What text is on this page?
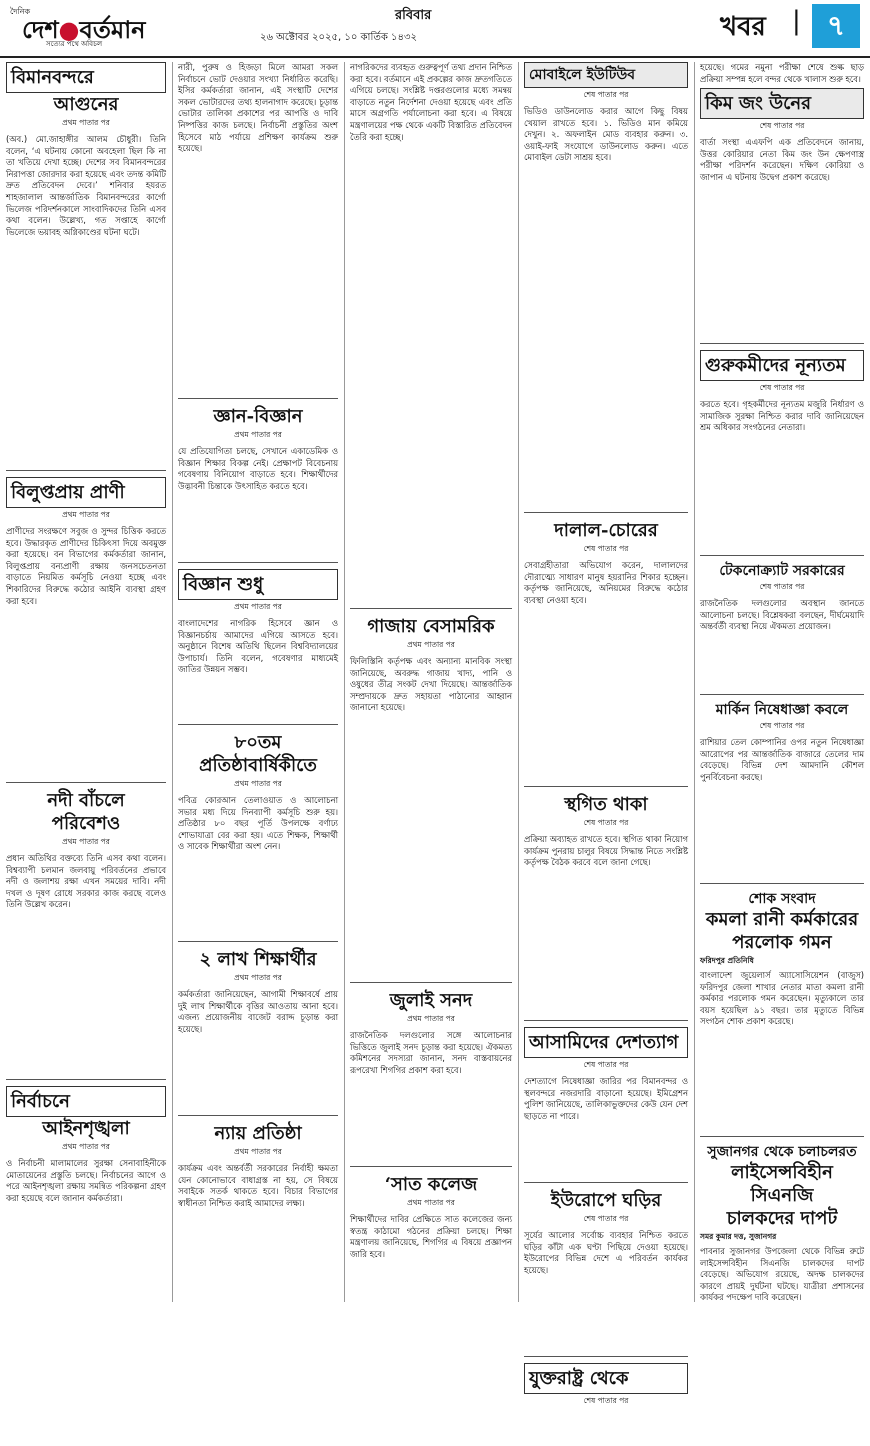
দৈনিক
দেশ●বর্তমান
সত্যের পথে অবিচল
রবিবার
২৬ অক্টোবর ২০২৫, ১০ কার্তিক ১৪৩২	খবর | ৭
বিমানবন্দরে
আগুনের
প্রথম পাতার পর
(অব.) মো.জাহাঙ্গীর আলম চৌধুরী। তিনি বলেন, ‘এ ঘটনায় কোনো অবহেলা ছিল কি না তা খতিয়ে দেখা হচ্ছে। দেশের সব বিমানবন্দরের নিরাপত্তা জোরদার করা হয়েছে এবং তদন্ত কমিটি দ্রুত প্রতিবেদন দেবে।’ শনিবার হযরত শাহজালাল আন্তর্জাতিক বিমানবন্দরের কার্গো ভিলেজ পরিদর্শনকালে সাংবাদিকদের তিনি এসব কথা বলেন। উল্লেখ্য, গত সপ্তাহে কার্গো ভিলেজে ভয়াবহ অগ্নিকাণ্ডের ঘটনা ঘটে।
বিলুপ্তপ্রায় প্রাণী
প্রথম পাতার পর
প্রাণীদের সংরক্ষণে সবুজ ও সুন্দর চিত্তিক করতে হবে। উদ্ধারকৃত প্রাণীদের চিকিৎসা দিয়ে অবমুক্ত করা হয়েছে। বন বিভাগের কর্মকর্তারা জানান, বিলুপ্তপ্রায় বন্যপ্রাণী রক্ষায় জনসচেতনতা বাড়াতে নিয়মিত কর্মসূচি নেওয়া হচ্ছে এবং শিকারিদের বিরুদ্ধে কঠোর আইনি ব্যবস্থা গ্রহণ করা হবে।
নদী বাঁচলে
পরিবেশও
প্রথম পাতার পর
প্রধান অতিথির বক্তব্যে তিনি এসব কথা বলেন। বিশ্বব্যাপী চলমান জলবায়ু পরিবর্তনের প্রভাবে নদী ও জলাশয় রক্ষা এখন সময়ের দাবি। নদী দখল ও দূষণ রোধে সরকার কাজ করছে বলেও তিনি উল্লেখ করেন।
নির্বাচনে
আইনশৃঙ্খলা
প্রথম পাতার পর
ও নির্বাচনী মালামালের সুরক্ষা সেনাবাহিনীকে মোতায়েনের প্রস্তুতি চলছে। নির্বাচনের আগে ও পরে আইনশৃঙ্খলা রক্ষায় সমন্বিত পরিকল্পনা গ্রহণ করা হয়েছে বলে জানান কর্মকর্তারা।
নারী, পুরুষ ও হিজড়া মিলে আমরা সকল নির্বাচনে ভোট দেওয়ার সংখ্যা নির্ধারিত করেছি। ইসির কর্মকর্তারা জানান, এই সংস্থাটি দেশের সকল ভোটারদের তথ্য হালনাগাদ করেছে। চূড়ান্ত ভোটার তালিকা প্রকাশের পর আপত্তি ও দাবি নিষ্পত্তির কাজ চলছে। নির্বাচনী প্রস্তুতির অংশ হিসেবে মাঠ পর্যায়ে প্রশিক্ষণ কার্যক্রম শুরু হয়েছে।
জ্ঞান-বিজ্ঞান
প্রথম পাতার পর
যে প্রতিযোগিতা চলছে, সেখানে একাডেমিক ও বিজ্ঞান শিক্ষার বিকল্প নেই। প্রেক্ষাপট বিবেচনায় গবেষণায় বিনিয়োগ বাড়াতে হবে। শিক্ষার্থীদের উদ্ভাবনী চিন্তাকে উৎসাহিত করতে হবে।
বিজ্ঞান শুধু
প্রথম পাতার পর
বাংলাদেশের নাগরিক হিসেবে জ্ঞান ও বিজ্ঞানচর্চায় আমাদের এগিয়ে আসতে হবে। অনুষ্ঠানে বিশেষ অতিথি ছিলেন বিশ্ববিদ্যালয়ের উপাচার্য। তিনি বলেন, গবেষণার মাধ্যমেই জাতির উন্নয়ন সম্ভব।
৮০তম
প্রতিষ্ঠাবার্ষিকীতে
প্রথম পাতার পর
পবিত্র কোরআন তেলাওয়াত ও আলোচনা সভার মধ্য দিয়ে দিনব্যাপী কর্মসূচি শুরু হয়। প্রতিষ্ঠার ৮০ বছর পূর্তি উপলক্ষে বর্ণাঢ্য শোভাযাত্রা বের করা হয়। এতে শিক্ষক, শিক্ষার্থী ও সাবেক শিক্ষার্থীরা অংশ নেন।
২ লাখ শিক্ষার্থীর
প্রথম পাতার পর
কর্মকর্তারা জানিয়েছেন, আগামী শিক্ষাবর্ষে প্রায় দুই লাখ শিক্ষার্থীকে বৃত্তির আওতায় আনা হবে। এজন্য প্রয়োজনীয় বাজেট বরাদ্দ চূড়ান্ত করা হয়েছে।
ন্যায় প্রতিষ্ঠা
প্রথম পাতার পর
কার্যক্রম এবং অন্তর্বর্তী সরকারের নির্বাহী ক্ষমতা যেন কোনোভাবে বাধাগ্রস্ত না হয়, সে বিষয়ে সবাইকে সতর্ক থাকতে হবে। বিচার বিভাগের স্বাধীনতা নিশ্চিত করাই আমাদের লক্ষ্য।
নাগরিকদের ব্যবহৃত গুরুত্বপূর্ণ তথ্য প্রদান নিশ্চিত করা হবে। বর্তমানে এই প্রকল্পের কাজ দ্রুতগতিতে এগিয়ে চলছে। সংশ্লিষ্ট দপ্তরগুলোর মধ্যে সমন্বয় বাড়াতে নতুন নির্দেশনা দেওয়া হয়েছে এবং প্রতি মাসে অগ্রগতি পর্যালোচনা করা হবে। এ বিষয়ে মন্ত্রণালয়ের পক্ষ থেকে একটি বিস্তারিত প্রতিবেদন তৈরি করা হচ্ছে।
গাজায় বেসামরিক
প্রথম পাতার পর
ফিলিস্তিনি কর্তৃপক্ষ এবং অন্যান্য মানবিক সংস্থা জানিয়েছে, অবরুদ্ধ গাজায় খাদ্য, পানি ও ওষুধের তীব্র সংকট দেখা দিয়েছে। আন্তর্জাতিক সম্প্রদায়কে দ্রুত সহায়তা পাঠানোর আহ্বান জানানো হয়েছে।
জুলাই সনদ
প্রথম পাতার পর
রাজনৈতিক দলগুলোর সঙ্গে আলোচনার ভিত্তিতে জুলাই সনদ চূড়ান্ত করা হয়েছে। ঐকমত্য কমিশনের সদস্যরা জানান, সনদ বাস্তবায়নের রূপরেখা শিগগির প্রকাশ করা হবে।
‘সাত কলেজ
প্রথম পাতার পর
শিক্ষার্থীদের দাবির প্রেক্ষিতে সাত কলেজের জন্য স্বতন্ত্র কাঠামো গঠনের প্রক্রিয়া চলছে। শিক্ষা মন্ত্রণালয় জানিয়েছে, শিগগির এ বিষয়ে প্রজ্ঞাপন জারি হবে।
মোবাইলে ইউটিউব
শেষ পাতার পর
ভিডিও ডাউনলোড করার আগে কিছু বিষয় খেয়াল রাখতে হবে। ১. ভিডিও মান কমিয়ে দেখুন। ২. অফলাইন মোড ব্যবহার করুন। ৩. ওয়াই-ফাই সংযোগে ডাউনলোড করুন। এতে মোবাইল ডেটা সাশ্রয় হবে।
দালাল-চোরের
শেষ পাতার পর
সেবাগ্রহীতারা অভিযোগ করেন, দালালদের দৌরাত্ম্যে সাধারণ মানুষ হয়রানির শিকার হচ্ছেন। কর্তৃপক্ষ জানিয়েছে, অনিয়মের বিরুদ্ধে কঠোর ব্যবস্থা নেওয়া হবে।
স্থগিত থাকা
শেষ পাতার পর
প্রক্রিয়া অব্যাহত রাখতে হবে। স্থগিত থাকা নিয়োগ কার্যক্রম পুনরায় চালুর বিষয়ে সিদ্ধান্ত নিতে সংশ্লিষ্ট কর্তৃপক্ষ বৈঠক করবে বলে জানা গেছে।
আসামিদের দেশত্যাগ
শেষ পাতার পর
দেশত্যাগে নিষেধাজ্ঞা জারির পর বিমানবন্দর ও স্থলবন্দরে নজরদারি বাড়ানো হয়েছে। ইমিগ্রেশন পুলিশ জানিয়েছে, তালিকাভুক্তদের কেউ যেন দেশ ছাড়তে না পারে।
ইউরোপে ঘড়ির
শেষ পাতার পর
সূর্যের আলোর সর্বোচ্চ ব্যবহার নিশ্চিত করতে ঘড়ির কাঁটা এক ঘণ্টা পিছিয়ে দেওয়া হয়েছে। ইউরোপের বিভিন্ন দেশে এ পরিবর্তন কার্যকর হয়েছে।
যুক্তরাষ্ট্র থেকে
শেষ পাতার পর
হয়েছে। গমের নমুনা পরীক্ষা শেষে শুল্ক ছাড় প্রক্রিয়া সম্পন্ন হলে বন্দর থেকে খালাস শুরু হবে।
কিম জং উনের
শেষ পাতার পর
বার্তা সংস্থা এএফপি এক প্রতিবেদনে জানায়, উত্তর কোরিয়ার নেতা কিম জং উন ক্ষেপণাস্ত্র পরীক্ষা পরিদর্শন করেছেন। দক্ষিণ কোরিয়া ও জাপান এ ঘটনায় উদ্বেগ প্রকাশ করেছে।
গুরুকমীদের নূন্যতম
শেষ পাতার পর
করতে হবে। গৃহকর্মীদের নূন্যতম মজুরি নির্ধারণ ও সামাজিক সুরক্ষা নিশ্চিত করার দাবি জানিয়েছেন শ্রম অধিকার সংগঠনের নেতারা।
টেকনোক্র্যাট সরকারের
শেষ পাতার পর
রাজনৈতিক দলগুলোর অবস্থান জানতে আলোচনা চলছে। বিশ্লেষকরা বলছেন, দীর্ঘমেয়াদি অন্তর্বর্তী ব্যবস্থা নিয়ে ঐকমত্য প্রয়োজন।
মার্কিন নিষেধাজ্ঞা কবলে
শেষ পাতার পর
রাশিয়ার তেল কোম্পানির ওপর নতুন নিষেধাজ্ঞা আরোপের পর আন্তর্জাতিক বাজারে তেলের দাম বেড়েছে। বিভিন্ন দেশ আমদানি কৌশল পুনর্বিবেচনা করছে।
শোক সংবাদ
কমলা রানী কর্মকারের
পরলোক গমন
ফরিদপুর প্রতিনিধি
বাংলাদেশ জুয়েলার্স অ্যাসোসিয়েশন (বাজুস) ফরিদপুর জেলা শাখার নেতার মাতা কমলা রানী কর্মকার পরলোক গমন করেছেন। মৃত্যুকালে তার বয়স হয়েছিল ৯১ বছর। তার মৃত্যুতে বিভিন্ন সংগঠন শোক প্রকাশ করেছে।
সুজানগর থেকে চলাচলরত
লাইসেন্সবিহীন সিএনজি
চালকদের দাপট
সমর কুমার দত্ত, সুজানগর
পাবনার সুজানগর উপজেলা থেকে বিভিন্ন রুটে লাইসেন্সবিহীন সিএনজি চালকদের দাপট বেড়েছে। অভিযোগ রয়েছে, অদক্ষ চালকদের কারণে প্রায়ই দুর্ঘটনা ঘটছে। যাত্রীরা প্রশাসনের কার্যকর পদক্ষেপ দাবি করেছেন।
